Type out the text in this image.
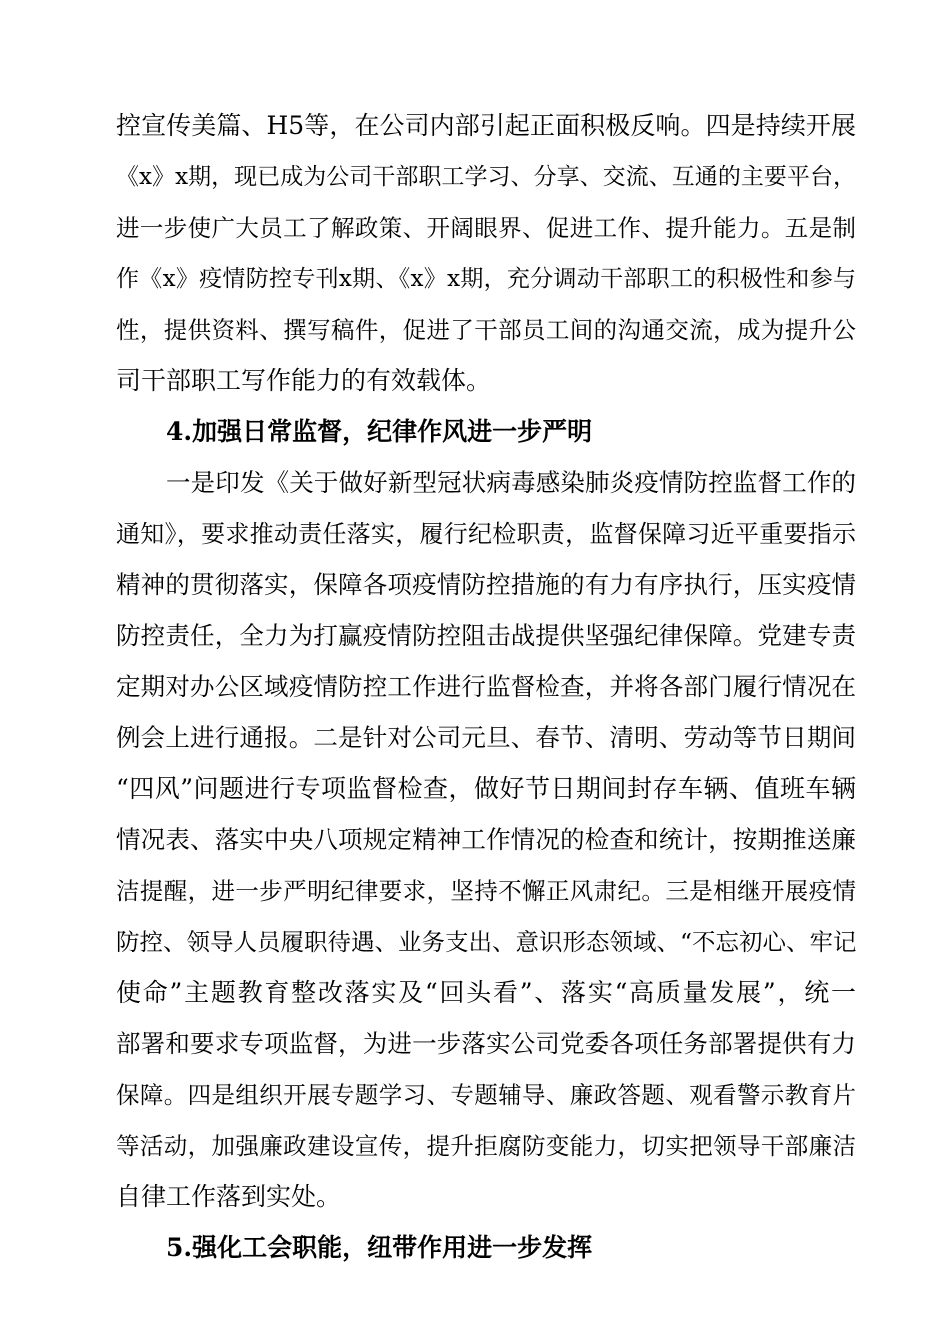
控宣传美篇、H5等，在公司内部引起正面积极反响。四是持续开展
《x》x期，现已成为公司干部职工学习、分享、交流、互通的主要平台，
进一步使广大员工了解政策、开阔眼界、促进工作、提升能力。五是制
作《x》疫情防控专刊x期、《x》x期，充分调动干部职工的积极性和参与
性，提供资料、撰写稿件，促进了干部员工间的沟通交流，成为提升公
司干部职工写作能力的有效载体。
4.加强日常监督，纪律作风进一步严明
一是印发《关于做好新型冠状病毒感染肺炎疫情防控监督工作的
通知》，要求推动责任落实，履行纪检职责，监督保障习近平重要指示
精神的贯彻落实，保障各项疫情防控措施的有力有序执行，压实疫情
防控责任，全力为打赢疫情防控阻击战提供坚强纪律保障。党建专责
定期对办公区域疫情防控工作进行监督检查，并将各部门履行情况在
例会上进行通报。二是针对公司元旦、春节、清明、劳动等节日期间
“四风”问题进行专项监督检查，做好节日期间封存车辆、值班车辆
情况表、落实中央八项规定精神工作情况的检查和统计，按期推送廉
洁提醒，进一步严明纪律要求，坚持不懈正风肃纪。三是相继开展疫情
防控、领导人员履职待遇、业务支出、意识形态领域、“不忘初心、牢记
使命”主题教育整改落实及“回头看”、落实“高质量发展”，统一
部署和要求专项监督，为进一步落实公司党委各项任务部署提供有力
保障。四是组织开展专题学习、专题辅导、廉政答题、观看警示教育片
等活动，加强廉政建设宣传，提升拒腐防变能力，切实把领导干部廉洁
自律工作落到实处。
5.强化工会职能，纽带作用进一步发挥
